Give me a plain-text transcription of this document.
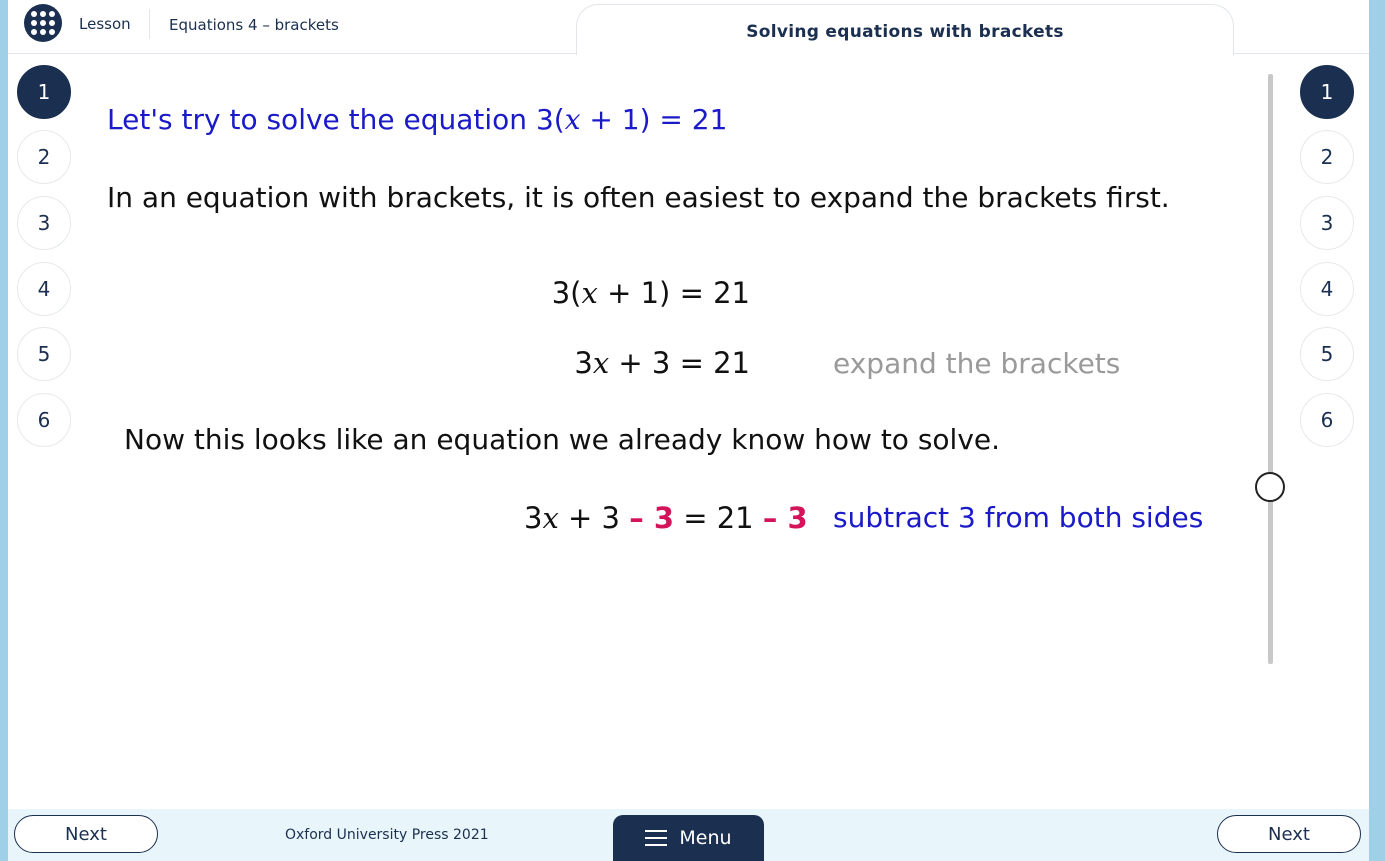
Lesson	Equations 4 – brackets	Solving equations with brackets
1
2
3
4
5
6
1
2
3
4
5
6
Let's try to solve the equation 3(x + 1) = 21
In an equation with brackets, it is often easiest to expand the brackets first.
3(x + 1) = 21
3x + 3 = 21	expand the brackets
Now this looks like an equation we already know how to solve.
3x + 3 – 3 = 21 – 3 subtract 3 from both sides
Next	Oxford University Press 2021	Menu	Next
